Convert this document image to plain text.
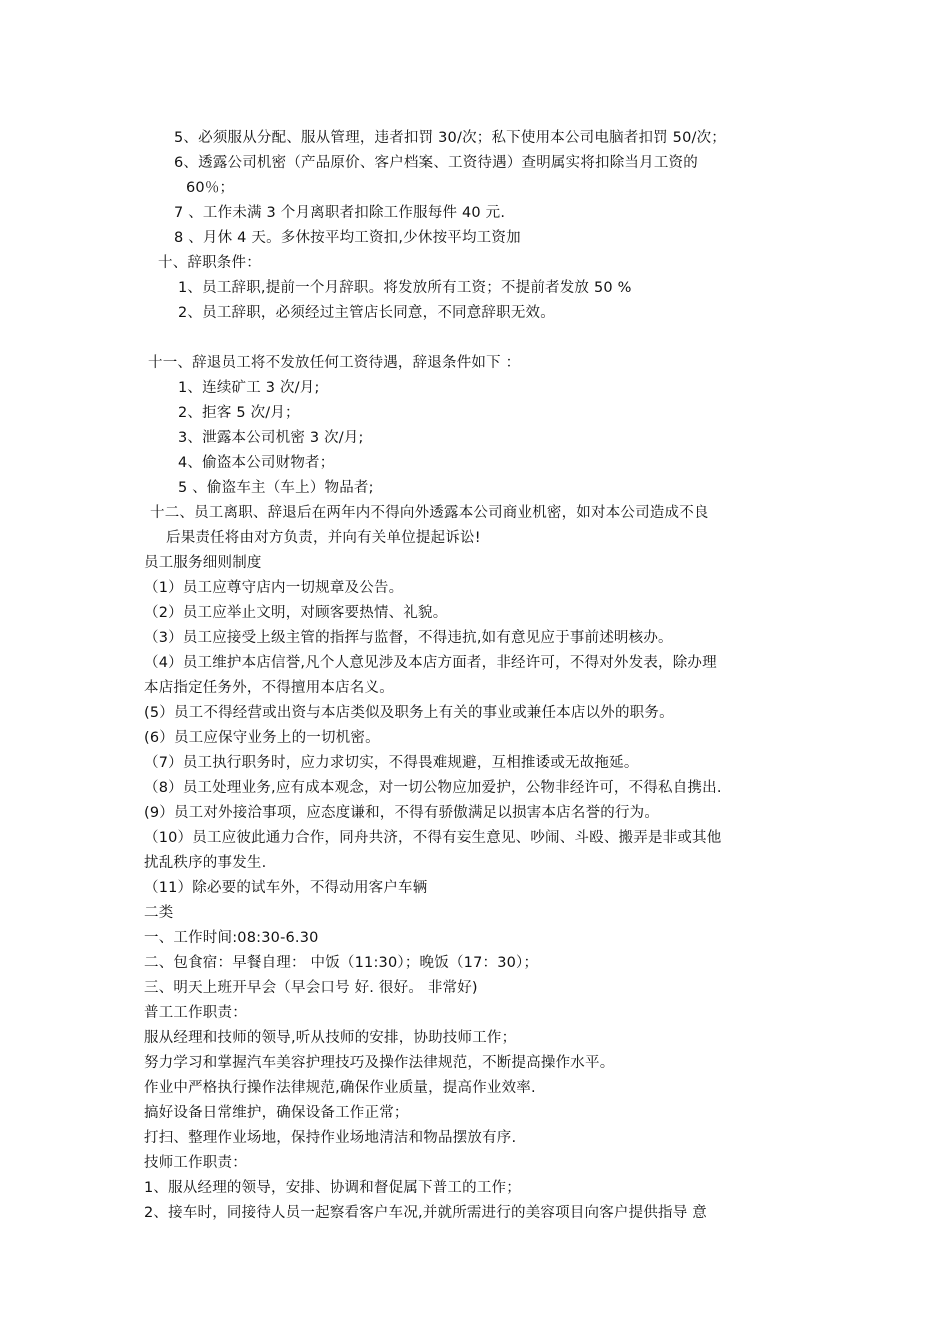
5、必须服从分配、服从管理，违者扣罚 30/次；私下使用本公司电脑者扣罚 50/次；
6、透露公司机密（产品原价、客户档案、工资待遇）查明属实将扣除当月工资的
60％；
7 、工作未满 3 个月离职者扣除工作服每件 40 元.
8 、月休 4 天。多休按平均工资扣,少休按平均工资加
十、辞职条件：
1、员工辞职,提前一个月辞职。将发放所有工资；不提前者发放 50 %
2、员工辞职，必须经过主管店长同意，不同意辞职无效。
十一、辞退员工将不发放任何工资待遇，辞退条件如下 ：
1、连续矿工 3 次/月;
2、拒客 5 次/月；
3、泄露本公司机密 3 次/月;
4、偷盗本公司财物者；
5 、偷盗车主（车上）物品者;
十二、员工离职、辞退后在两年内不得向外透露本公司商业机密，如对本公司造成不良
后果责任将由对方负责，并向有关单位提起诉讼!
员工服务细则制度
（1）员工应尊守店内一切规章及公告。
（2）员工应举止文明，对顾客要热情、礼貌。
（3）员工应接受上级主管的指挥与监督，不得违抗,如有意见应于事前述明核办。
（4）员工维护本店信誉,凡个人意见涉及本店方面者，非经许可，不得对外发表，除办理
本店指定任务外，不得擅用本店名义。
(5）员工不得经营或出资与本店类似及职务上有关的事业或兼任本店以外的职务。
(6）员工应保守业务上的一切机密。
（7）员工执行职务时，应力求切实，不得畏难规避，互相推诿或无故拖延。
（8）员工处理业务,应有成本观念，对一切公物应加爱护，公物非经许可，不得私自携出.
(9）员工对外接洽事项，应态度谦和，不得有骄傲满足以损害本店名誉的行为。
（10）员工应彼此通力合作，同舟共济，不得有妄生意见、吵闹、斗殴、搬弄是非或其他
扰乱秩序的事发生.
（11）除必要的试车外，不得动用客户车辆
二类
一、工作时间:08:30-6.30
二、包食宿：早餐自理： 中饭（11:30）；晚饭（17：30）；
三、明天上班开早会（早会口号 好. 很好。 非常好)
普工工作职责：
服从经理和技师的领导,听从技师的安排，协助技师工作；
努力学习和掌握汽车美容护理技巧及操作法律规范，不断提高操作水平。
作业中严格执行操作法律规范,确保作业质量，提高作业效率.
搞好设备日常维护，确保设备工作正常；
打扫、整理作业场地，保持作业场地清洁和物品摆放有序.
技师工作职责：
1、服从经理的领导，安排、协调和督促属下普工的工作；
2、接车时，同接待人员一起察看客户车况,并就所需进行的美容项目向客户提供指导 意
